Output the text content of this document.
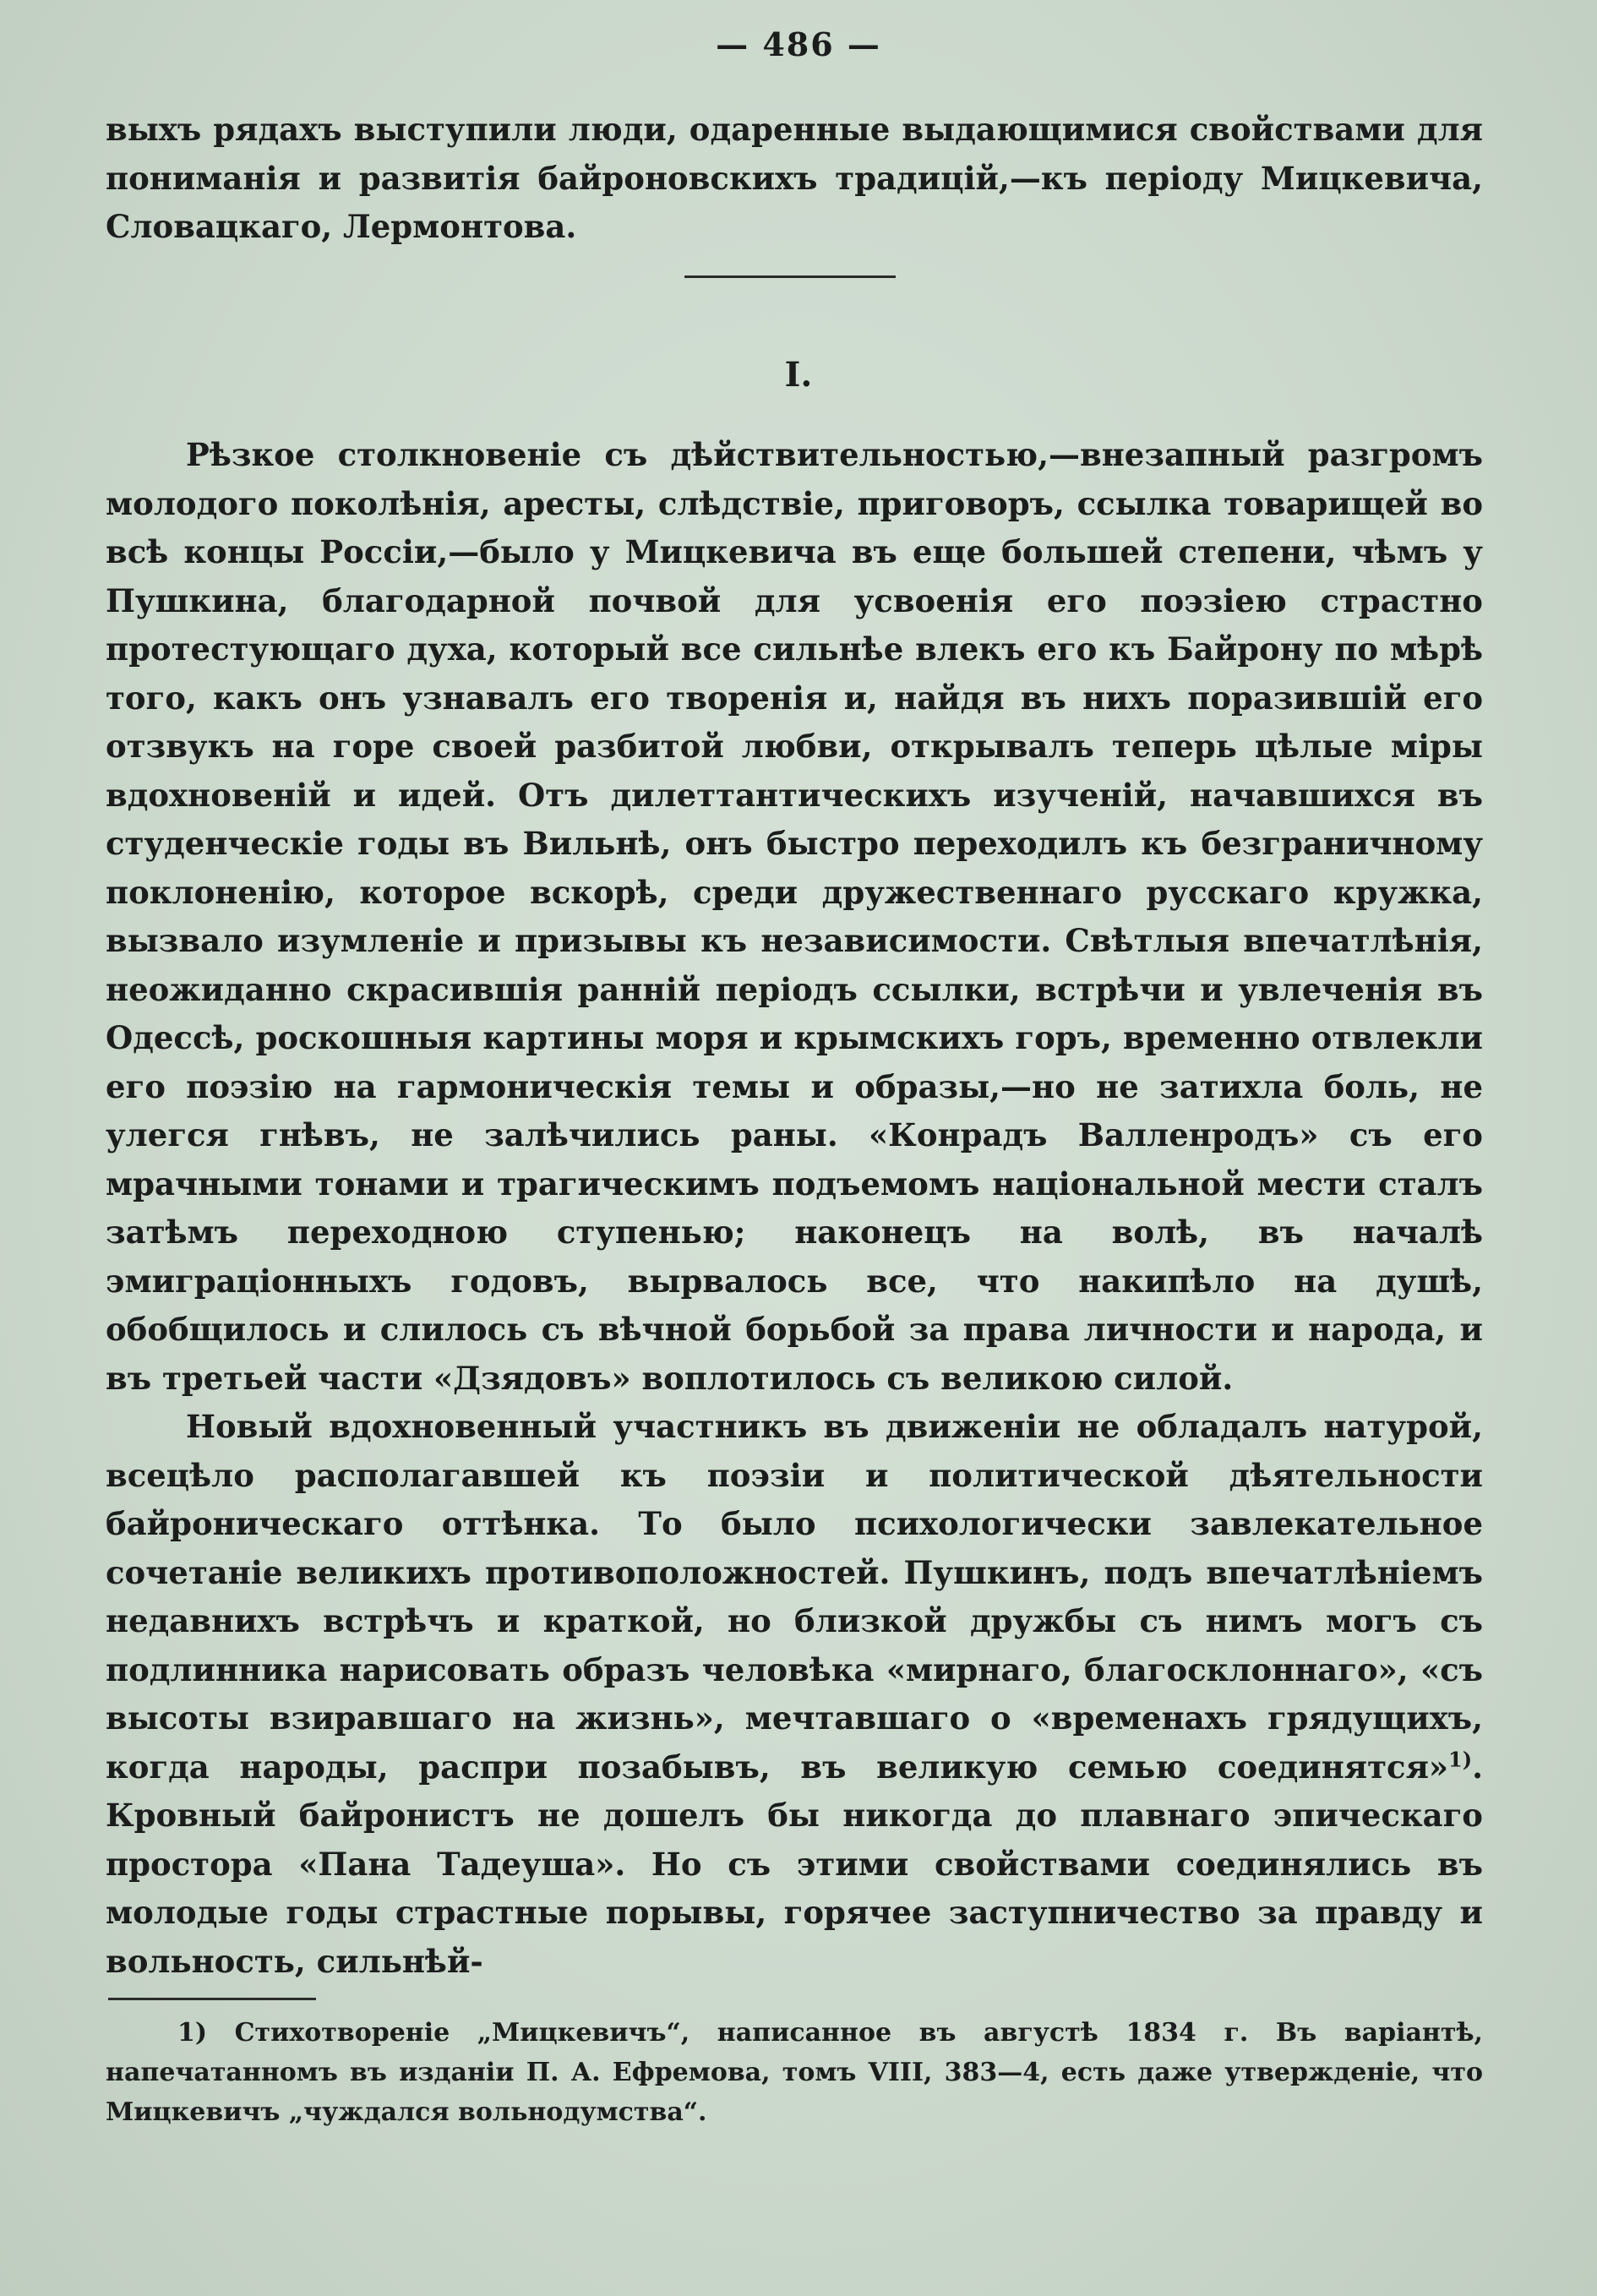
— 486 —

выхъ рядахъ выступили люди, одаренные выдающимися свойствами для пониманія и развитія байроновскихъ традицій,—къ періоду Мицкевича, Словацкаго, Лермонтова.

I.

Рѣзкое столкновеніе съ дѣйствительностью,—внезапный разгромъ молодого поколѣнія, аресты, слѣдствіе, приговоръ, ссылка товарищей во всѣ концы Россіи,—было у Мицкевича въ еще большей степени, чѣмъ у Пушкина, благодарной почвой для усвоенія его поэзіею страстно протестующаго духа, который все сильнѣе влекъ его къ Байрону по мѣрѣ того, какъ онъ узнавалъ его творенія и, найдя въ нихъ поразившій его отзвукъ на горе своей разбитой любви, открывалъ теперь цѣлые міры вдохновеній и идей. Отъ дилеттантическихъ изученій, начавшихся въ студенческіе годы въ Вильнѣ, онъ быстро переходилъ къ безграничному поклоненію, которое вскорѣ, среди дружественнаго русскаго кружка, вызвало изумленіе и призывы къ независимости. Свѣтлыя впечатлѣнія, неожиданно скрасившія ранній періодъ ссылки, встрѣчи и увлеченія въ Одессѣ, роскошныя картины моря и крымскихъ горъ, временно отвлекли его поэзію на гармоническія темы и образы,—но не затихла боль, не улегся гнѣвъ, не залѣчились раны. «Конрадъ Валленродъ» съ его мрачными тонами и трагическимъ подъемомъ національной мести сталъ затѣмъ переходною ступенью; наконецъ на волѣ, въ началѣ эмиграціонныхъ годовъ, вырвалось все, что накипѣло на душѣ, обобщилось и слилось съ вѣчной борьбой за права личности и народа, и въ третьей части «Дзядовъ» воплотилось съ великою силой.

Новый вдохновенный участникъ въ движеніи не обладалъ натурой, всецѣло располагавшей къ поэзіи и политической дѣятельности байроническаго оттѣнка. То было психологически завлекательное сочетаніе великихъ противоположностей. Пушкинъ, подъ впечатлѣніемъ недавнихъ встрѣчъ и краткой, но близкой дружбы съ нимъ могъ съ подлинника нарисовать образъ человѣка «мирнаго, благосклоннаго», «съ высоты взиравшаго на жизнь», мечтавшаго о «временахъ грядущихъ, когда народы, распри позабывъ, въ великую семью соединятся»$^{1)}$. Кровный байронистъ не дошелъ бы никогда до плавнаго эпическаго простора «Пана Тадеуша». Но съ этими свойствами соединялись въ молодые годы страстные порывы, горячее заступничество за правду и вольность, сильнѣй-

1) Стихотвореніе „Мицкевичъ“, написанное въ августѣ 1834 г. Въ варіантѣ, напечатанномъ въ изданіи П. А. Ефремова, томъ VIII, 383—4, есть даже утвержденіе, что Мицкевичъ „чуждался вольнодумства“.
